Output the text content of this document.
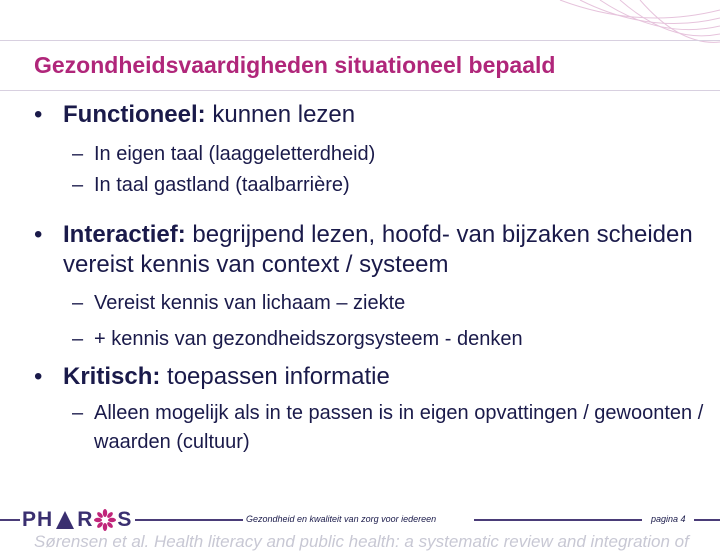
Gezondheidsvaardigheden situationeel bepaald
• Functioneel: kunnen lezen
– In eigen taal (laaggeletterdheid)
– In taal gastland (taalbarrière)
• Interactief: begrijpend lezen, hoofd- van bijzaken scheiden vereist kennis van context / systeem
– Vereist kennis van lichaam – ziekte
– + kennis van gezondheidszorgsysteem - denken
• Kritisch: toepassen informatie
– Alleen mogelijk als in te passen is in eigen opvattingen / gewoonten / waarden (cultuur)
PH R S	Gezondheid en kwaliteit van zorg voor iedereen	pagina 4
Sørensen et al. Health literacy and public health: a systematic review and integration of
